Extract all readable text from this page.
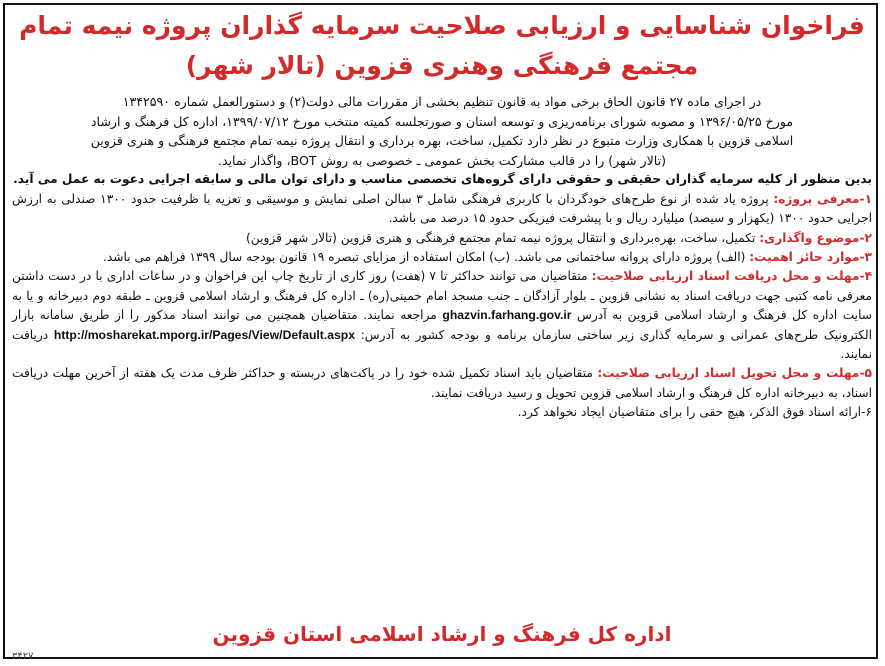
فراخوان شناسایی و ارزیابی صلاحیت سرمایه گذاران پروژه نیمه تمام
مجتمع فرهنگی وهنری قزوین (تالار شهر)
در اجرای ماده ۲۷ قانون الحاق برخی مواد به قانون تنظیم بخشی از مقررات مالی دولت(۲) و دستورالعمل شماره ۱۳۴۲۵۹۰
مورخ ۱۳۹۶/۰۵/۲۵ و مصوبه شورای برنامه‌ریزی و توسعه استان و صورتجلسه کمیته منتخب مورخ ۱۳۹۹/۰۷/۱۲، اداره کل فرهنگ و ارشاد
اسلامی قزوین با همکاری وزارت متبوع در نظر دارد تکمیل، ساخت، بهره برداری و انتقال پروژه نیمه تمام مجتمع فرهنگی و هنری قزوین
(تالار شهر) را در قالب مشارکت بخش عمومی ـ خصوصی به روش BOT، واگذار نماید.

بدین منظور از کلیه سرمایه گذاران حقیقی و حقوقی دارای گروه‌های تخصصی مناسب و دارای توان مالی و سابقه اجرایی دعوت به عمل می آید.

۱-معرفی پروژه: پروژه یاد شده از نوع طرح‌های خودگردان با کاربری فرهنگی شامل ۳ سالن اصلی نمایش و موسیقی و تعزیه با ظرفیت حدود ۱۳۰۰ صندلی به ارزش اجرایی حدود ۱۳۰۰ (یکهزار و سیصد) میلیارد ریال و با پیشرفت فیزیکی حدود ۱۵ درصد می باشد.

۲-موضوع واگذاری: تکمیل، ساخت، بهره‌برداری و انتقال پروژه نیمه تمام مجتمع فرهنگی و هنری قزوین (تالار شهر قزوین)

۳-موارد حائز اهمیت: (الف) پروژه دارای پروانه ساختمانی می باشد. (ب) امکان استفاده از مزایای تبصره ۱۹ قانون بودجه سال ۱۳۹۹ فراهم می باشد.

۴-مهلت و محل دریافت اسناد ارزیابی صلاحیت: متقاضیان می توانند حداکثر تا ۷ (هفت) روز کاری از تاریخ چاپ این فراخوان و در ساعات اداری با در دست داشتن معرفی نامه کتبی جهت دریافت اسناد به نشانی قزوین ـ بلوار آزادگان ـ جنب مسجد امام خمینی(ره) ـ اداره کل فرهنگ و ارشاد اسلامی قزوین ـ طبقه دوم دبیرخانه و یا به سایت اداره کل فرهنگ و ارشاد اسلامی قزوین به آدرس ghazvin.farhang.gov.ir مراجعه نمایند. متقاضیان همچنین می توانند اسناد مذکور را از طریق سامانه بازار الکترونیک طرح‌های عمرانی و سرمایه گذاری زیر ساختی سازمان برنامه و بودجه کشور به آدرس: http://mosharekat.mporg.ir/Pages/View/Default.aspx دریافت نمایند.

۵-مهلت و محل تحویل اسناد ارزیابی صلاحیت: متقاضیان باید اسناد تکمیل شده خود را در پاکت‌های دربسته و حداکثر ظرف مدت یک هفته از آخرین مهلت دریافت اسناد، به دبیرخانه اداره کل فرهنگ و ارشاد اسلامی قزوین تحویل و رسید دریافت نمایند.

۶-ارائه اسناد فوق الذکر، هیچ حقی را برای متقاضیان ایجاد نخواهد کرد.

اداره کل فرهنگ و ارشاد اسلامی استان قزوین
۳۴۲۷
